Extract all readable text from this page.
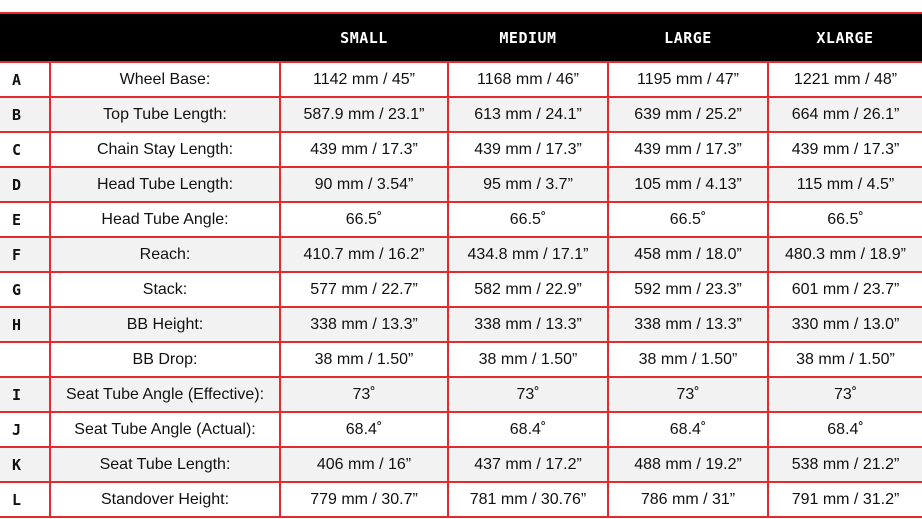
		SMALL	MEDIUM	LARGE	XLARGE
A	Wheel Base:	1142 mm / 45”	1168 mm / 46”	1195 mm / 47”	1221 mm / 48”
B	Top Tube Length:	587.9 mm / 23.1”	613 mm / 24.1”	639 mm / 25.2”	664 mm / 26.1”
C	Chain Stay Length:	439 mm / 17.3”	439 mm / 17.3”	439 mm / 17.3”	439 mm / 17.3”
D	Head Tube Length:	90 mm / 3.54”	95 mm / 3.7”	105 mm / 4.13”	115 mm / 4.5”
E	Head Tube Angle:	66.5˚	66.5˚	66.5˚	66.5˚
F	Reach:	410.7 mm / 16.2”	434.8 mm / 17.1”	458 mm / 18.0”	480.3 mm / 18.9”
G	Stack:	577 mm / 22.7”	582 mm / 22.9”	592 mm / 23.3”	601 mm / 23.7”
H	BB Height:	338 mm / 13.3”	338 mm / 13.3”	338 mm / 13.3”	330 mm / 13.0”
	BB Drop:	38 mm / 1.50”	38 mm / 1.50”	38 mm / 1.50”	38 mm / 1.50”
I	Seat Tube Angle (Effective):	73˚	73˚	73˚	73˚
J	Seat Tube Angle (Actual):	68.4˚	68.4˚	68.4˚	68.4˚
K	Seat Tube Length:	406 mm / 16”	437 mm / 17.2”	488 mm / 19.2”	538 mm / 21.2”
L	Standover Height:	779 mm / 30.7”	781 mm / 30.76”	786 mm / 31”	791 mm / 31.2”
